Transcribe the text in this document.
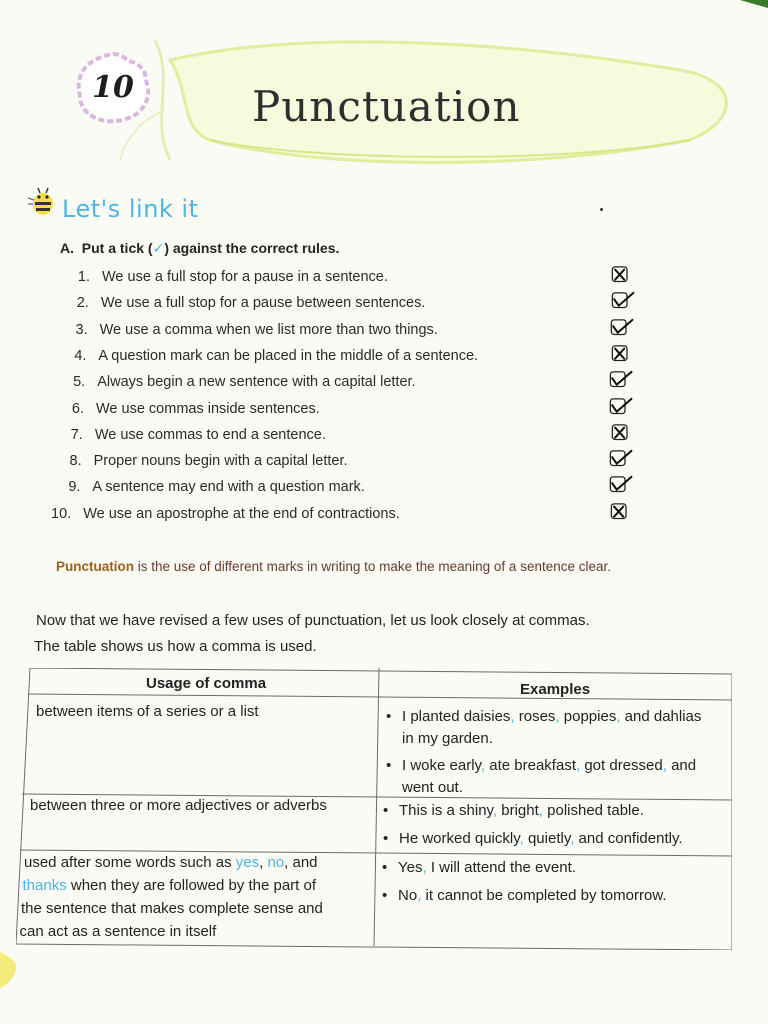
10	Punctuation
Let's link it
A. Put a tick (✓) against the correct rules.
1. We use a full stop for a pause in a sentence.
2. We use a full stop for a pause between sentences.
3. We use a comma when we list more than two things.
4. A question mark can be placed in the middle of a sentence.
5. Always begin a new sentence with a capital letter.
6. We use commas inside sentences.
7. We use commas to end a sentence.
8. Proper nouns begin with a capital letter.
9. A sentence may end with a question mark.
10. We use an apostrophe at the end of contractions.
Punctuation is the use of different marks in writing to make the meaning of a sentence clear.
Now that we have revised a few uses of punctuation, let us look closely at commas.
The table shows us how a comma is used.
Usage of comma	Examples
between items of a series or a list	• I planted daisies, roses, poppies, and dahlias
in my garden.
• I woke early, ate breakfast, got dressed, and
went out.
between three or more adjectives or adverbs	• This is a shiny, bright, polished table.
• He worked quickly, quietly, and confidently.
used after some words such as yes, no, and
thanks when they are followed by the part of
the sentence that makes complete sense and
can act as a sentence in itself
• Yes, I will attend the event.
• No, it cannot be completed by tomorrow.
